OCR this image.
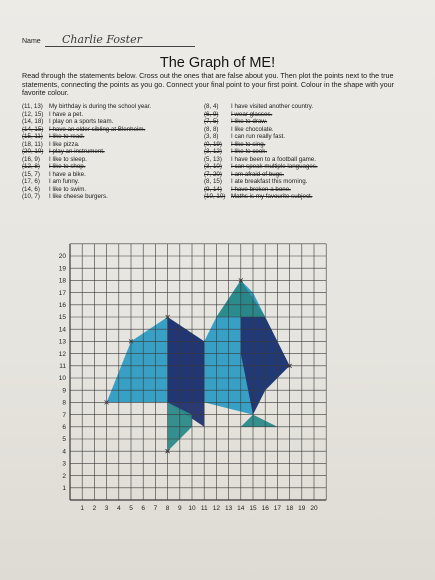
Name Charlie Foster
The Graph of ME!
Read through the statements below. Cross out the ones that are false about you. Then plot the points next to the true statements, connecting the points as you go. Connect your final point to your first point. Colour in the shape with your favorite colour.
(11, 13) My birthday is during the school year.
(12, 15) I have a pet.
(14, 18) I play on a sports team.
(14, 15) I have an older sibling at Blenheim.
(15, 11) I like to read.
(18, 11) I like pizza.
(20, 10) I play an instrument.
(16, 9) I like to sleep.
(12, 8) I like to shop.
(15, 7) I have a bike.
(17, 6) I am funny.
(14, 6) I like to swim.
(10, 7) I like cheese burgers.
(8, 4) I have visited another country.
(6, 9) I wear glasses.
(7, 5) I like to draw.
(8, 8) I like chocolate.
(3, 8) I can run really fast.
(0, 19) I like to sing.
(3, 12) I like to cook.
(5, 13) I have been to a football game.
(3, 10) I can speak multiple languages.
(7, 20) I am afraid of bugs.
(8, 15) I ate breakfast this morning.
(9, 14) I have broken a bone.
(10, 10) Maths is my favourite subject.
1 2 3 4 5 6 7 8 9 10 11 12 13 14 15 16 17 18 19 20
1
2
3
4
5
6
7
8
9
10
11
12
13
14
15
16
17
18
19
20
